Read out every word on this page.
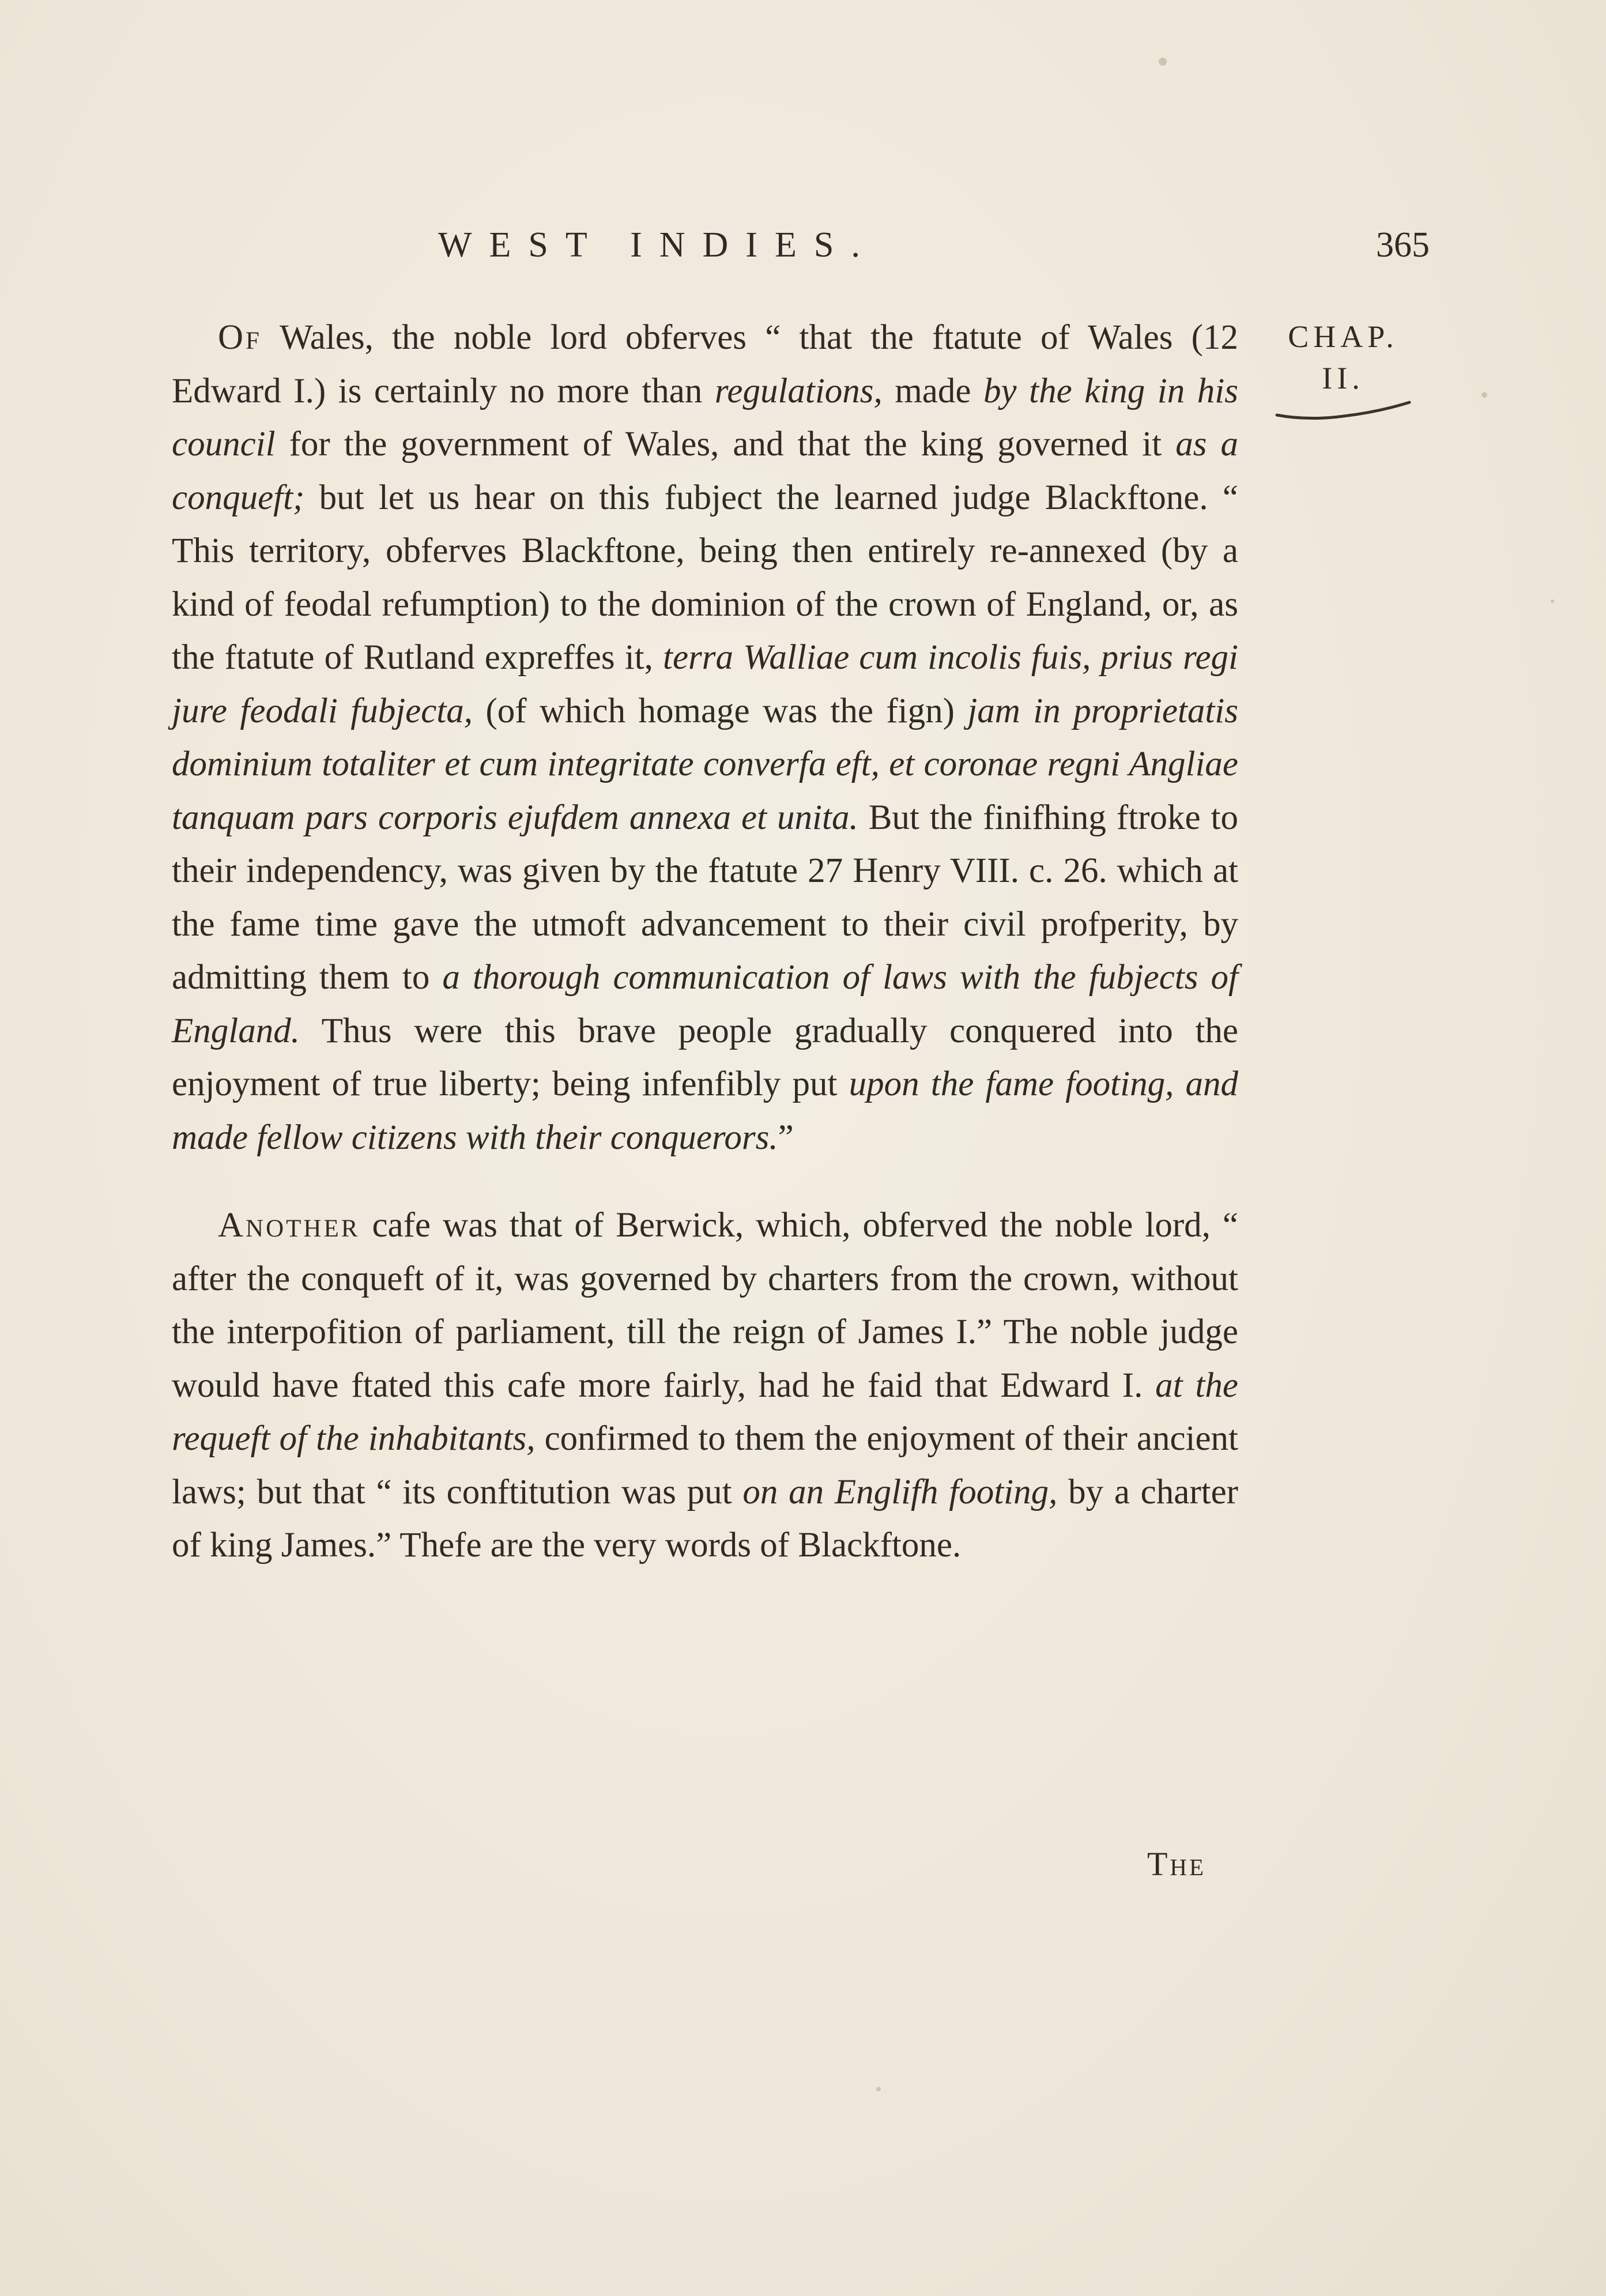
WEST INDIES.	365
CHAP.
II.

Of Wales, the noble lord obferves “ that the ftatute of Wales (12 Edward I.) is certainly no more than regulations, made by the king in his council for the government of Wales, and that the king governed it as a conqueft; but let us hear on this fubject the learned judge Blackftone. “ This territory, obferves Blackftone, being then entirely re-annexed (by a kind of feodal refumption) to the dominion of the crown of England, or, as the ftatute of Rutland expreffes it, terra Walliae cum incolis fuis, prius regi jure feodali fubjecta, (of which homage was the fign) jam in proprietatis dominium totaliter et cum integritate converfa eft, et coronae regni Angliae tanquam pars corporis ejufdem annexa et unita. But the finifhing ftroke to their independency, was given by the ftatute 27 Henry VIII. c. 26. which at the fame time gave the utmoft advancement to their civil profperity, by admitting them to a thorough communication of laws with the fubjects of England. Thus were this brave people gradually conquered into the enjoyment of true liberty; being infenfibly put upon the fame footing, and made fellow citizens with their conquerors.”

Another cafe was that of Berwick, which, obferved the noble lord, “ after the conqueft of it, was governed by charters from the crown, without the interpofition of parliament, till the reign of James I.” The noble judge would have ftated this cafe more fairly, had he faid that Edward I. at the requeft of the inhabitants, confirmed to them the enjoyment of their ancient laws; but that “ its conftitution was put on an Englifh footing, by a charter of king James.” Thefe are the very words of Blackftone.

The
